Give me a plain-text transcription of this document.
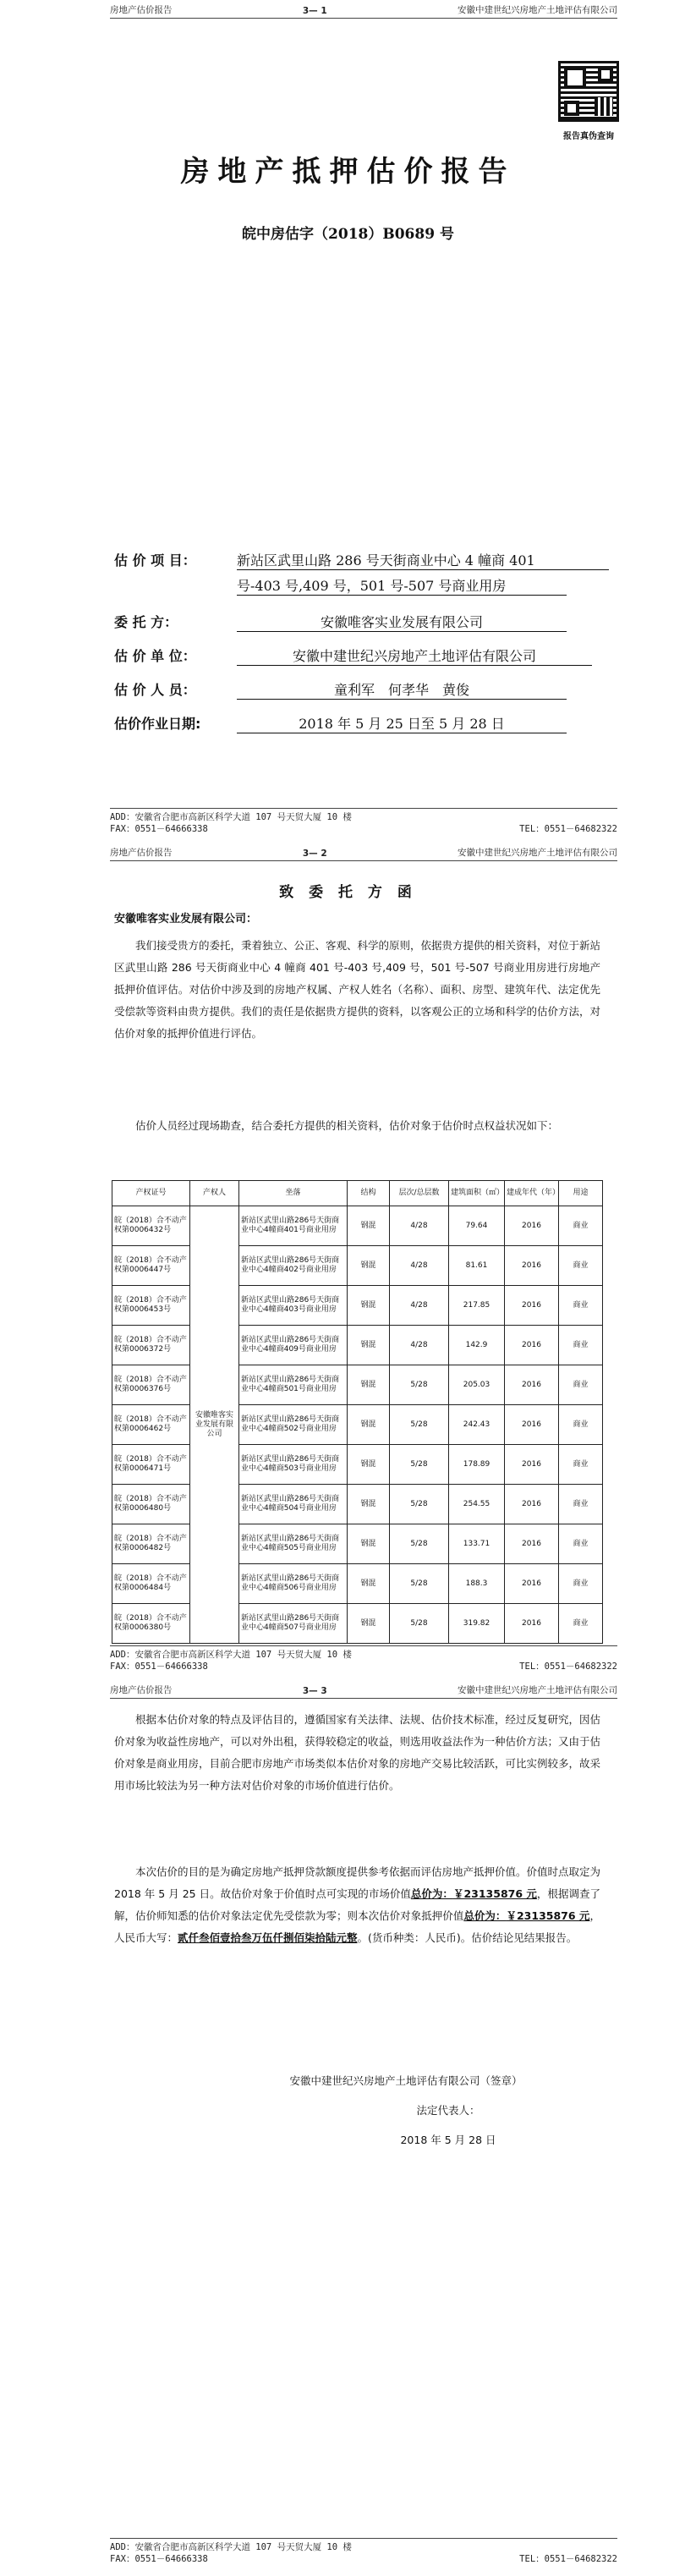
房地产估价报告	3— 1	安徽中建世纪兴房地产土地评估有限公司
报告真伪查询
房地产抵押估价报告
皖中房估字（2018）B0689 号
估 价 项 目：	新站区武里山路 286 号天街商业中心 4 幢商 401
号-403 号,409 号，501 号-507 号商业用房
委 托 方：	安徽唯客实业发展有限公司
估 价 单 位：	安徽中建世纪兴房地产土地评估有限公司
估 价 人 员：	童利军　何孝华　黄俊
估价作业日期:	2018 年 5 月 25 日至 5 月 28 日
ADD：安徽省合肥市高新区科学大道 107 号天贸大厦 10 楼
FAX：0551－64666338	TEL：0551－64682322
房地产估价报告	3— 2	安徽中建世纪兴房地产土地评估有限公司
致 委 托 方 函
安徽唯客实业发展有限公司：
我们接受贵方的委托，秉着独立、公正、客观、科学的原则，依据贵方提供的相关资料，对位于新站区武里山路 286 号天街商业中心 4 幢商 401 号-403 号,409 号，501 号-507 号商业用房进行房地产抵押价值评估。对估价中涉及到的房地产权属、产权人姓名（名称）、面积、房型、建筑年代、法定优先受偿款等资料由贵方提供。我们的责任是依据贵方提供的资料，以客观公正的立场和科学的估价方法，对估价对象的抵押价值进行评估。
估价人员经过现场勘查，结合委托方提供的相关资料，估价对象于估价时点权益状况如下：
产权证号	产权人	坐落	结构	层次/总层数	建筑面积（㎡）	建成年代（年）	用途
皖（2018）合不动产权第0006432号	安徽唯客实业发展有限公司	新站区武里山路286号天街商业中心4幢商401号商业用房	钢混	4/28	79.64	2016	商业
皖（2018）合不动产权第0006447号		新站区武里山路286号天街商业中心4幢商402号商业用房	钢混	4/28	81.61	2016	商业
皖（2018）合不动产权第0006453号		新站区武里山路286号天街商业中心4幢商403号商业用房	钢混	4/28	217.85	2016	商业
皖（2018）合不动产权第0006372号		新站区武里山路286号天街商业中心4幢商409号商业用房	钢混	4/28	142.9	2016	商业
皖（2018）合不动产权第0006376号		新站区武里山路286号天街商业中心4幢商501号商业用房	钢混	5/28	205.03	2016	商业
皖（2018）合不动产权第0006462号		新站区武里山路286号天街商业中心4幢商502号商业用房	钢混	5/28	242.43	2016	商业
皖（2018）合不动产权第0006471号		新站区武里山路286号天街商业中心4幢商503号商业用房	钢混	5/28	178.89	2016	商业
皖（2018）合不动产权第0006480号		新站区武里山路286号天街商业中心4幢商504号商业用房	钢混	5/28	254.55	2016	商业
皖（2018）合不动产权第0006482号		新站区武里山路286号天街商业中心4幢商505号商业用房	钢混	5/28	133.71	2016	商业
皖（2018）合不动产权第0006484号		新站区武里山路286号天街商业中心4幢商506号商业用房	钢混	5/28	188.3	2016	商业
皖（2018）合不动产权第0006380号		新站区武里山路286号天街商业中心4幢商507号商业用房	钢混	5/28	319.82	2016	商业
ADD：安徽省合肥市高新区科学大道 107 号天贸大厦 10 楼
FAX：0551－64666338	TEL：0551－64682322
房地产估价报告	3— 3	安徽中建世纪兴房地产土地评估有限公司
根据本估价对象的特点及评估目的，遵循国家有关法律、法规、估价技术标准，经过反复研究，因估价对象为收益性房地产，可以对外出租，获得较稳定的收益，则选用收益法作为一种估价方法；又由于估价对象是商业用房，目前合肥市房地产市场类似本估价对象的房地产交易比较活跃，可比实例较多，故采用市场比较法为另一种方法对估价对象的市场价值进行估价。
本次估价的目的是为确定房地产抵押贷款额度提供参考依据而评估房地产抵押价值。价值时点取定为 2018 年 5 月 25 日。故估价对象于价值时点可实现的市场价值总价为：￥23135876 元，根据调查了解，估价师知悉的估价对象法定优先受偿款为零；则本次估价对象抵押价值总价为：￥23135876 元，人民币大写：贰仟叁佰壹拾叁万伍仟捌佰柒拾陆元整。(货币种类：人民币)。估价结论见结果报告。
安徽中建世纪兴房地产土地评估有限公司（签章）
法定代表人：
2018 年 5 月 28 日
ADD：安徽省合肥市高新区科学大道 107 号天贸大厦 10 楼
FAX：0551－64666338	TEL：0551－64682322
